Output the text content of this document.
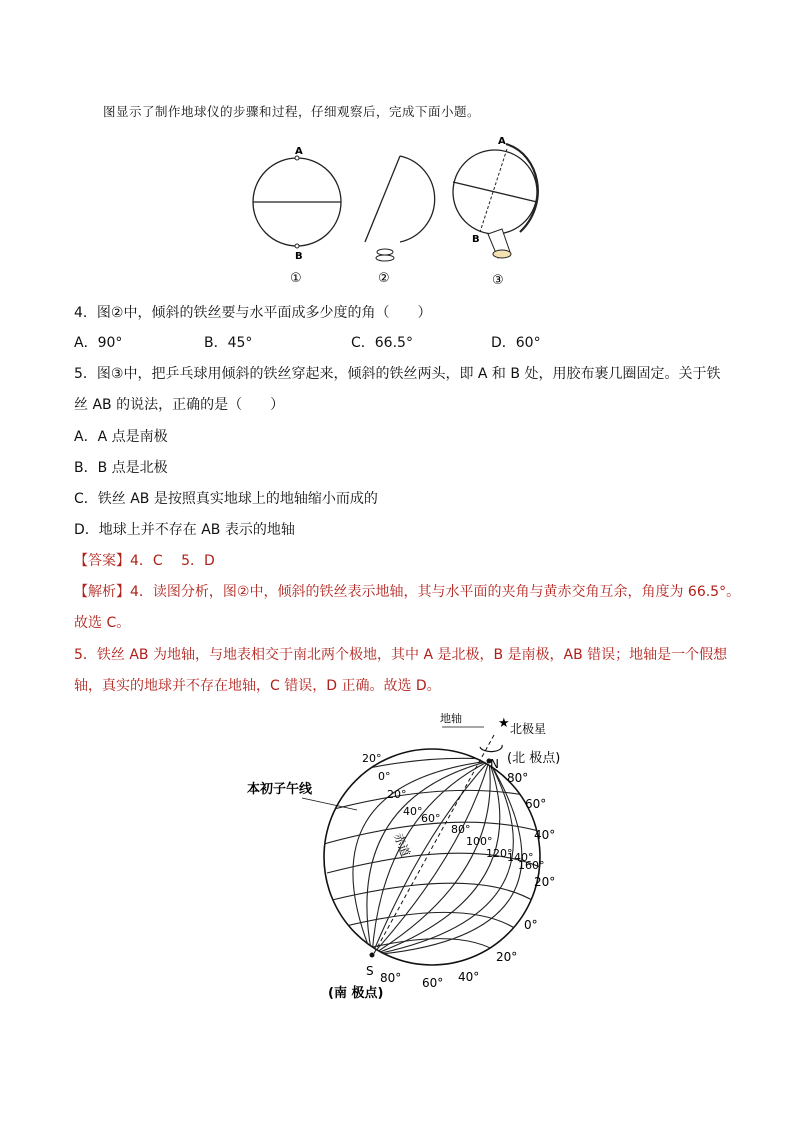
图显示了制作地球仪的步骤和过程，仔细观察后，完成下面小题。
A
B
①	②
A
B
③
4．图②中，倾斜的铁丝要与水平面成多少度的角（　　）
A．90°	B．45°	C．66.5°	D．60°
5．图③中，把乒乓球用倾斜的铁丝穿起来，倾斜的铁丝两头，即 A 和 B 处，用胶布裹几圈固定。关于铁
丝 AB 的说法，正确的是（　　）
A．A 点是南极
B．B 点是北极
C．铁丝 AB 是按照真实地球上的地轴缩小而成的
D．地球上并不存在 AB 表示的地轴
【答案】4．C　 5．D
【解析】4．读图分析，图②中，倾斜的铁丝表示地轴，其与水平面的夹角与黄赤交角互余，角度为 66.5°。
故选 C。
5．铁丝 AB 为地轴，与地表相交于南北两个极地，其中 A 是北极，B 是南极，AB 错误；地轴是一个假想
轴，真实的地球并不存在地轴，C 错误，D 正确。故选 D。
地轴	★ 北极星
N (北 极点)
本初子午线
赤道
20°
0°
20°
40°
60°
80°
100°
120°
140°
160°
80°
60°
40°
20°
0°
20°
40°
60°
80°
S
(南 极点)
